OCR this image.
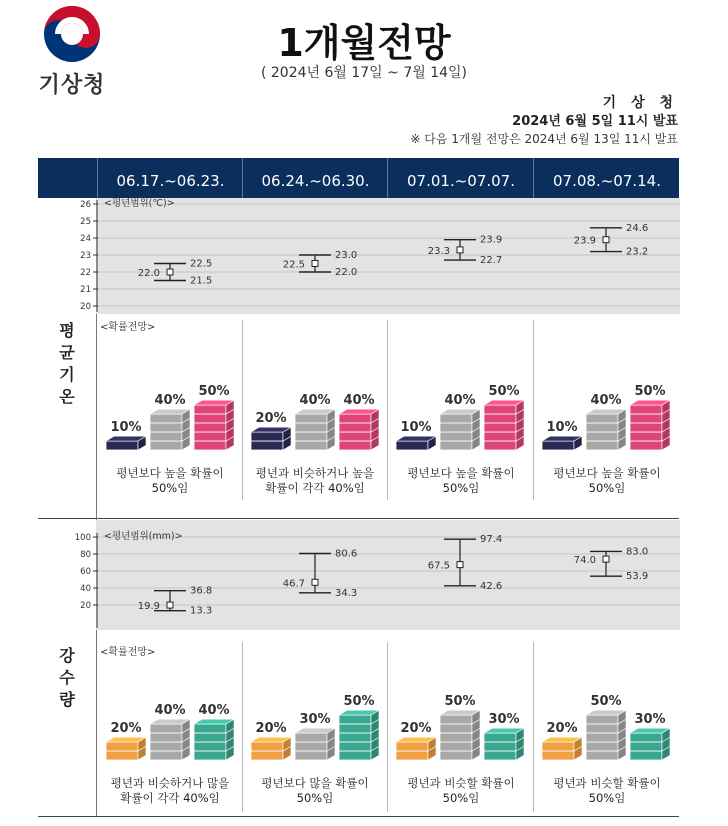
기상청
1개월전망
( 2024년 6월 17일 ~ 7월 14일)
기 상 청
2024년 6월 5일 11시 발표
※ 다음 1개월 전망은 2024년 6월 13일 11시 발표
06.17.~06.23.	06.24.~06.30.	07.01.~07.07.	07.08.~07.14.
평
균
기
온
강
수
량
26
25
24
23
22
21
20
<평년범위(℃)>
22.5
21.5
22.0
23.0
22.0
22.5
23.9
22.7
23.3
24.6
23.2
23.9
<확률전망>
10%
40%
50%
20%
40% 40%
10%
40%
50%
10%
40%
50%
평년보다 높을 확률이
50%임
평년과 비슷하거나 높을
확률이 각각 40%임
평년보다 높을 확률이
50%임
평년보다 높을 확률이
50%임
100
80
60
40
20
<평년범위(mm)>
36.8
13.3
19.9
80.6
34.3
46.7
97.4
42.6
67.5
83.0
53.9
74.0
<확률전망>
20%
40% 40%
20%
30%
50%
20%
50%
30%
20%
50%
30%
평년과 비슷하거나 많을
확률이 각각 40%임
평년보다 많을 확률이
50%임
평년과 비슷할 확률이
50%임
평년과 비슷할 확률이
50%임
